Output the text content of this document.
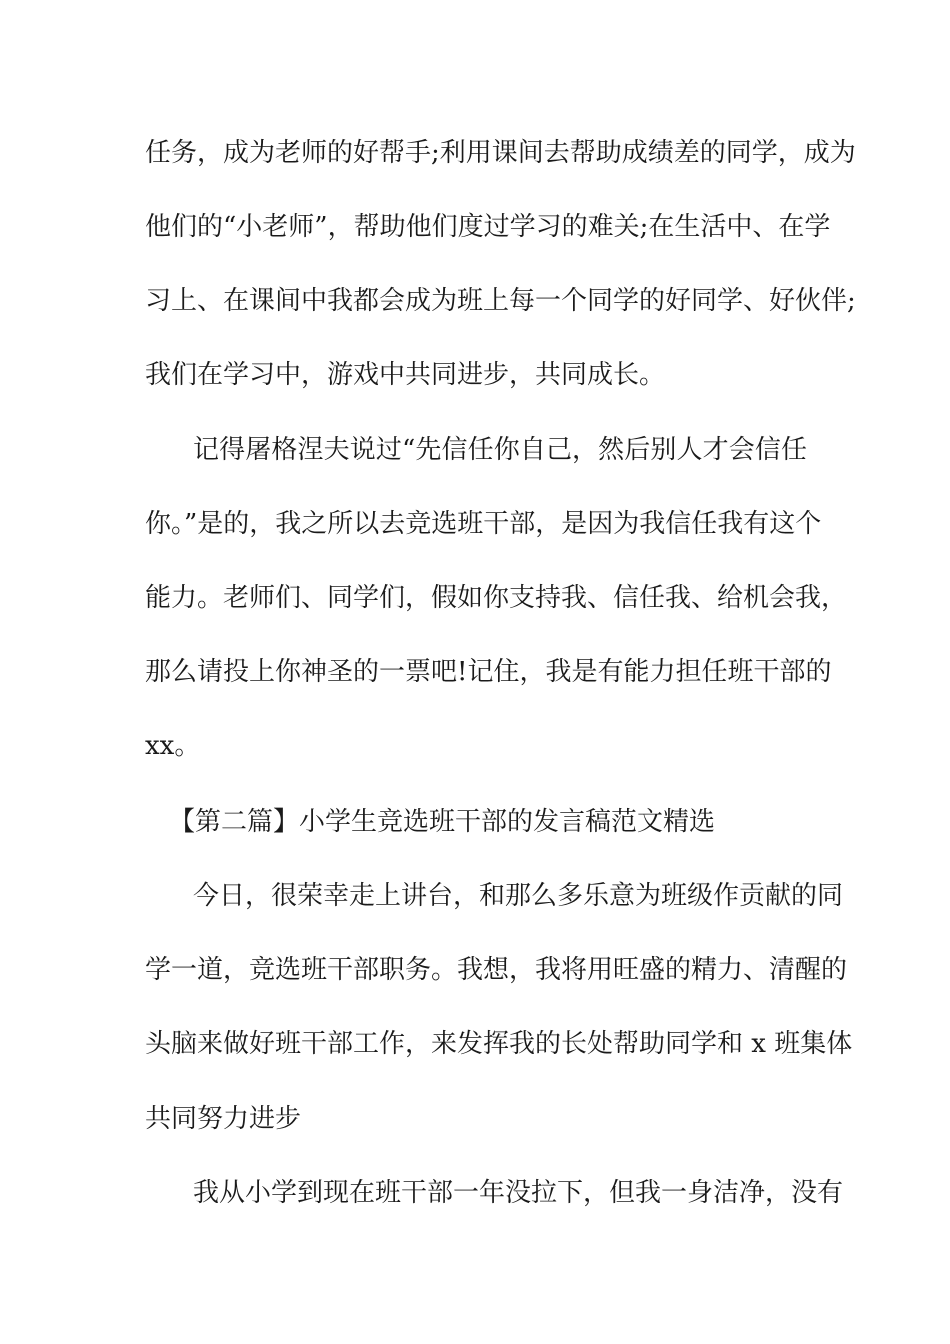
任务，成为老师的好帮手;利用课间去帮助成绩差的同学，成为
他们的“小老师”，帮助他们度过学习的难关;在生活中、在学
习上、在课间中我都会成为班上每一个同学的好同学、好伙伴;
我们在学习中，游戏中共同进步，共同成长。
记得屠格涅夫说过“先信任你自己，然后别人才会信任
你。”是的，我之所以去竞选班干部，是因为我信任我有这个
能力。老师们、同学们，假如你支持我、信任我、给机会我，
那么请投上你神圣的一票吧!记住，我是有能力担任班干部的
xx。
【第二篇】小学生竞选班干部的发言稿范文精选
今日，很荣幸走上讲台，和那么多乐意为班级作贡献的同
学一道，竞选班干部职务。我想，我将用旺盛的精力、清醒的
头脑来做好班干部工作，来发挥我的长处帮助同学和 x 班集体
共同努力进步
我从小学到现在班干部一年没拉下，但我一身洁净，没有
